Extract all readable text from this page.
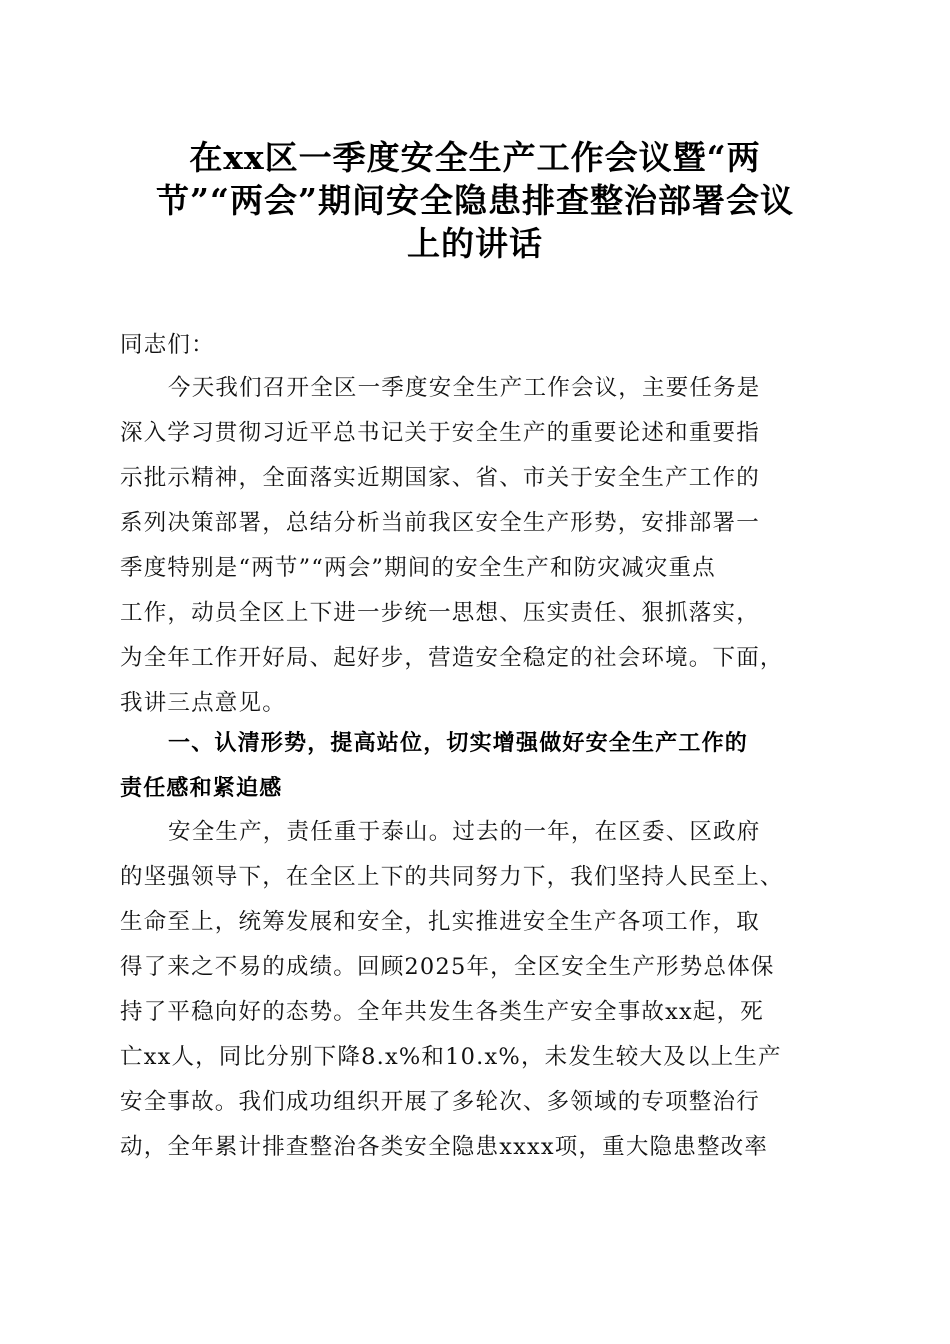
在xx区一季度安全生产工作会议暨“两
节”“两会”期间安全隐患排查整治部署会议
上的讲话
同志们：
今天我们召开全区一季度安全生产工作会议，主要任务是
深入学习贯彻习近平总书记关于安全生产的重要论述和重要指
示批示精神，全面落实近期国家、省、市关于安全生产工作的
系列决策部署，总结分析当前我区安全生产形势，安排部署一
季度特别是“两节”“两会”期间的安全生产和防灾减灾重点
工作，动员全区上下进一步统一思想、压实责任、狠抓落实，
为全年工作开好局、起好步，营造安全稳定的社会环境。下面，
我讲三点意见。
一、认清形势，提高站位，切实增强做好安全生产工作的
责任感和紧迫感
安全生产，责任重于泰山。过去的一年，在区委、区政府
的坚强领导下，在全区上下的共同努力下，我们坚持人民至上、
生命至上，统筹发展和安全，扎实推进安全生产各项工作，取
得了来之不易的成绩。回顾2025年，全区安全生产形势总体保
持了平稳向好的态势。全年共发生各类生产安全事故xx起，死
亡xx人，同比分别下降8.x%和10.x%，未发生较大及以上生产
安全事故。我们成功组织开展了多轮次、多领域的专项整治行
动，全年累计排查整治各类安全隐患xxxx项，重大隐患整改率
